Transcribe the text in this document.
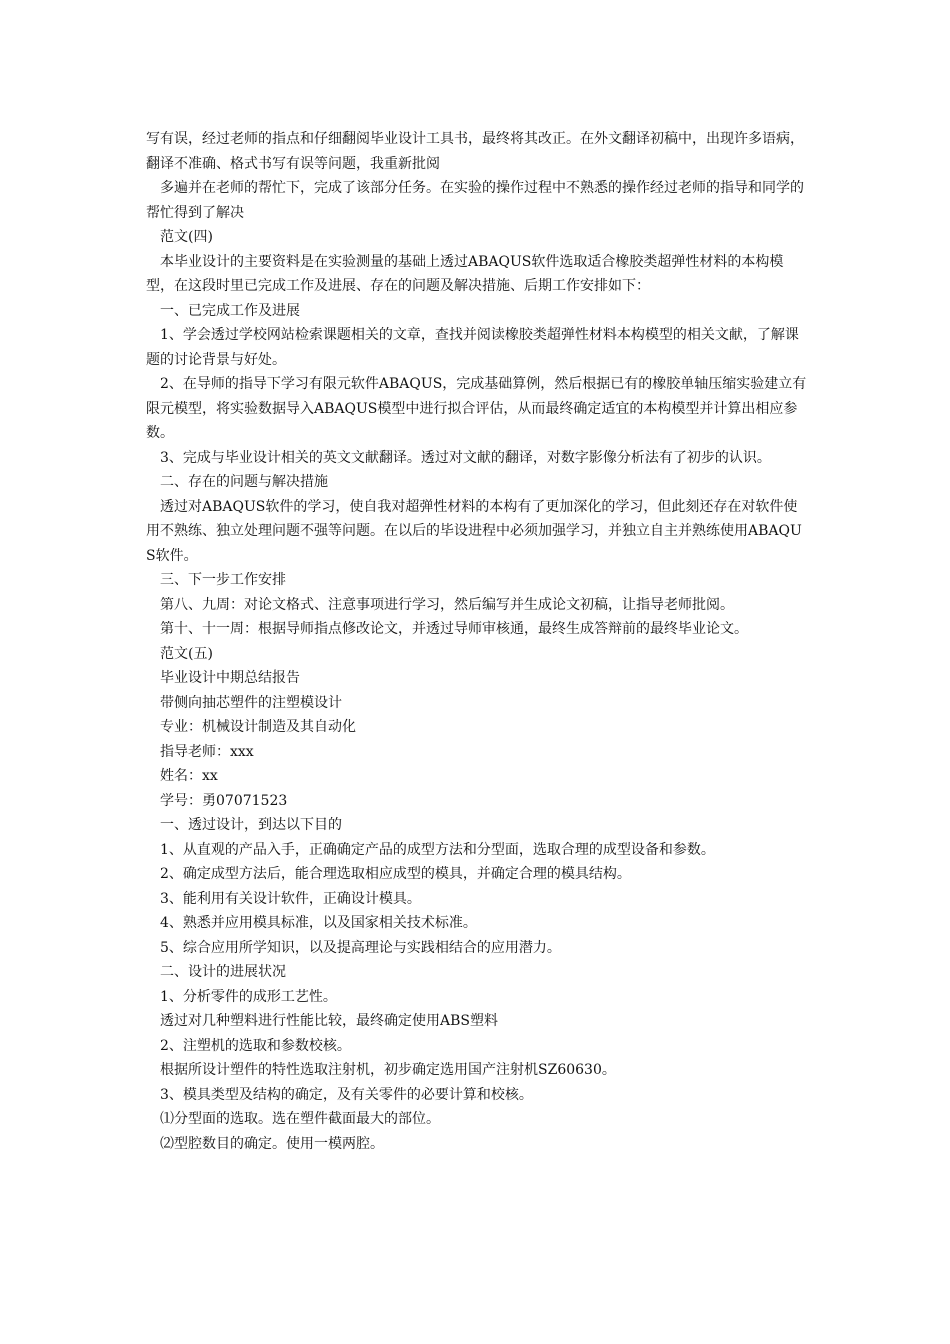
写有误，经过老师的指点和仔细翻阅毕业设计工具书，最终将其改正。在外文翻译初稿中，出现许多语病，翻译不准确、格式书写有误等问题，我重新批阅

多遍并在老师的帮忙下，完成了该部分任务。在实验的操作过程中不熟悉的操作经过老师的指导和同学的帮忙得到了解决

范文(四)

本毕业设计的主要资料是在实验测量的基础上透过ABAQUS软件选取适合橡胶类超弹性材料的本构模型，在这段时里已完成工作及进展、存在的问题及解决措施、后期工作安排如下：

一、已完成工作及进展

1、学会透过学校网站检索课题相关的文章，查找并阅读橡胶类超弹性材料本构模型的相关文献，了解课题的讨论背景与好处。

2、在导师的指导下学习有限元软件ABAQUS，完成基础算例，然后根据已有的橡胶单轴压缩实验建立有限元模型，将实验数据导入ABAQUS模型中进行拟合评估，从而最终确定适宜的本构模型并计算出相应参数。

3、完成与毕业设计相关的英文文献翻译。透过对文献的翻译，对数字影像分析法有了初步的认识。

二、存在的问题与解决措施

透过对ABAQUS软件的学习，使自我对超弹性材料的本构有了更加深化的学习，但此刻还存在对软件使用不熟练、独立处理问题不强等问题。在以后的毕设进程中必须加强学习，并独立自主并熟练使用ABAQUS软件。

三、下一步工作安排

第八、九周：对论文格式、注意事项进行学习，然后编写并生成论文初稿，让指导老师批阅。

第十、十一周：根据导师指点修改论文，并透过导师审核通，最终生成答辩前的最终毕业论文。

范文(五)

毕业设计中期总结报告

带侧向抽芯塑件的注塑模设计

专业：机械设计制造及其自动化

指导老师：xxx

姓名：xx

学号：勇07071523

一、透过设计，到达以下目的

1、从直观的产品入手，正确确定产品的成型方法和分型面，选取合理的成型设备和参数。

2、确定成型方法后，能合理选取相应成型的模具，并确定合理的模具结构。

3、能利用有关设计软件，正确设计模具。

4、熟悉并应用模具标准，以及国家相关技术标准。

5、综合应用所学知识，以及提高理论与实践相结合的应用潜力。

二、设计的进展状况

1、分析零件的成形工艺性。

透过对几种塑料进行性能比较，最终确定使用ABS塑料

2、注塑机的选取和参数校核。

根据所设计塑件的特性选取注射机，初步确定选用国产注射机SZ60630。

3、模具类型及结构的确定，及有关零件的必要计算和校核。

⑴分型面的选取。选在塑件截面最大的部位。

⑵型腔数目的确定。使用一模两腔。
